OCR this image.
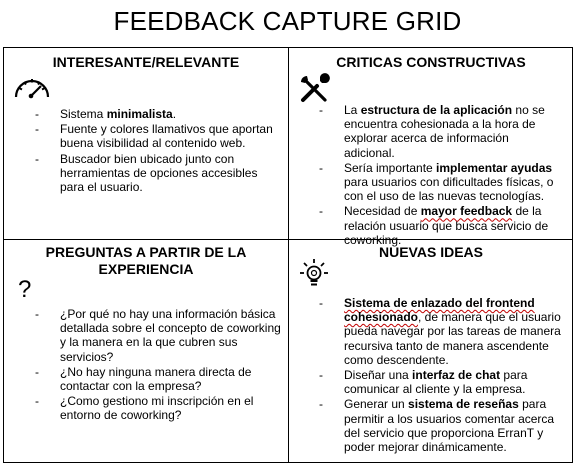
FEEDBACK CAPTURE GRID
INTERESANTE/RELEVANTE
- Sistema minimalista.
- Fuente y colores llamativos que aportan buena visibilidad al contenido web.
- Buscador bien ubicado junto con herramientas de opciones accesibles para el usuario.
CRITICAS CONSTRUCTIVAS
- La estructura de la aplicación no se encuentra cohesionada a la hora de explorar acerca de información adicional.
- Sería importante implementar ayudas para usuarios con dificultades físicas, o con el uso de las nuevas tecnologías.
- Necesidad de mayor feedback de la relación usuario que busca servicio de coworking.
PREGUNTAS A PARTIR DE LA
EXPERIENCIA
?
- ¿Por qué no hay una información básica detallada sobre el concepto de coworking y la manera en la que cubren sus servicios?
- ¿No hay ninguna manera directa de contactar con la empresa?
- ¿Como gestiono mi inscripción en el entorno de coworking?
NUEVAS IDEAS
- Sistema de enlazado del frontend cohesionado, de manera que el usuario pueda navegar por las tareas de manera recursiva tanto de manera ascendente como descendente.
- Diseñar una interfaz de chat para comunicar al cliente y la empresa.
- Generar un sistema de reseñas para permitir a los usuarios comentar acerca del servicio que proporciona ErranT y poder mejorar dinámicamente.
